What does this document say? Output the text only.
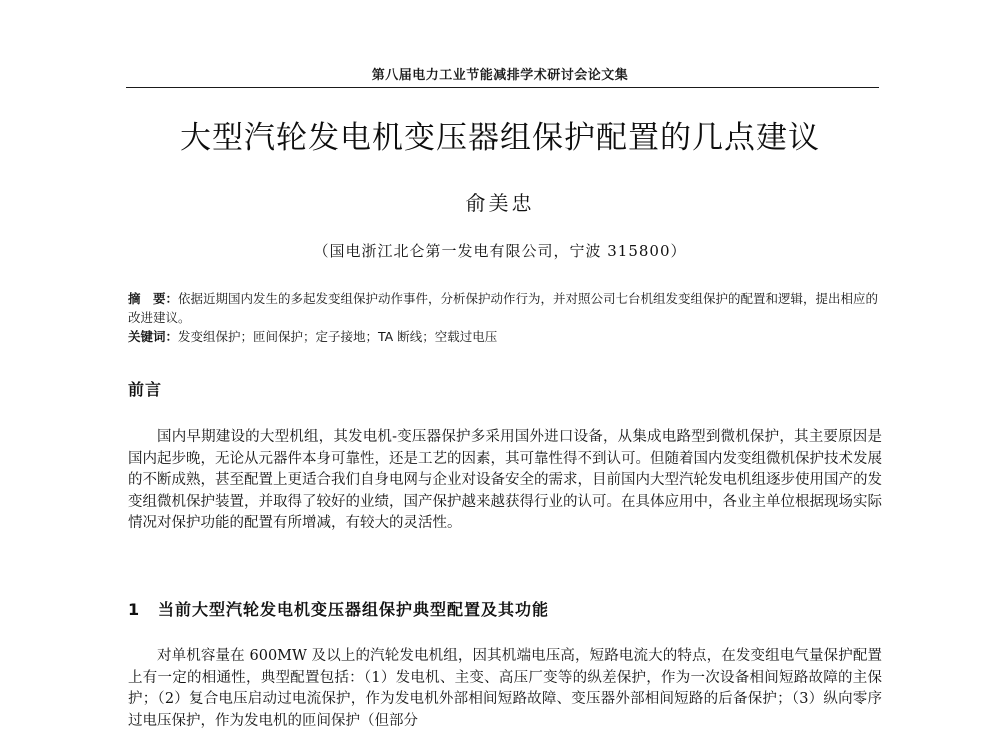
第八届电力工业节能减排学术研讨会论文集
大型汽轮发电机变压器组保护配置的几点建议
俞美忠
（国电浙江北仑第一发电有限公司，宁波 315800）

摘　要：依据近期国内发生的多起发变组保护动作事件，分析保护动作行为，并对照公司七台机组发变组保护的配置和逻辑，提出相应的改进建议。

关键词：发变组保护；匝间保护；定子接地；TA 断线；空载过电压

前言

国内早期建设的大型机组，其发电机-变压器保护多采用国外进口设备，从集成电路型到微机保护，其主要原因是国内起步晚，无论从元器件本身可靠性，还是工艺的因素，其可靠性得不到认可。但随着国内发变组微机保护技术发展的不断成熟，甚至配置上更适合我们自身电网与企业对设备安全的需求，目前国内大型汽轮发电机组逐步使用国产的发变组微机保护装置，并取得了较好的业绩，国产保护越来越获得行业的认可。在具体应用中，各业主单位根据现场实际情况对保护功能的配置有所增减，有较大的灵活性。

1 当前大型汽轮发电机变压器组保护典型配置及其功能

对单机容量在 600MW 及以上的汽轮发电机组，因其机端电压高，短路电流大的特点，在发变组电气量保护配置上有一定的相通性，典型配置包括：（1）发电机、主变、高压厂变等的纵差保护，作为一次设备相间短路故障的主保护；（2）复合电压启动过电流保护，作为发电机外部相间短路故障、变压器外部相间短路的后备保护；（3）纵向零序过电压保护，作为发电机的匝间保护（但部分
